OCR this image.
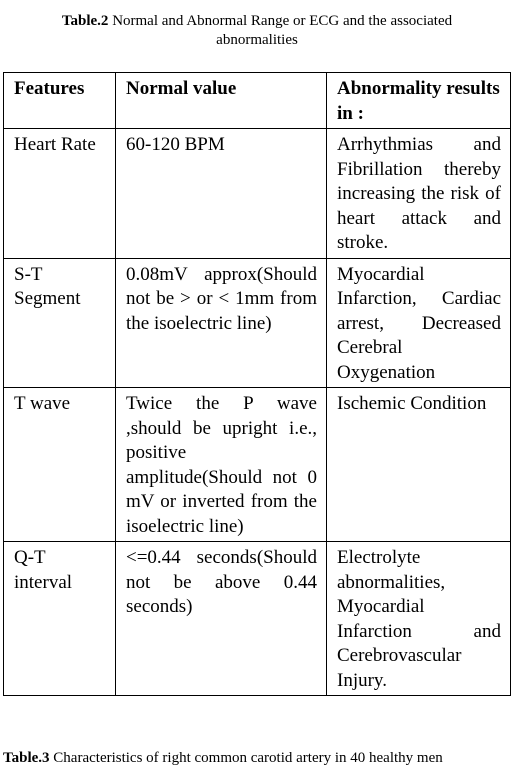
Table.2 Normal and Abnormal Range or ECG and the associated
abnormalities
Features	Normal value	Abnormality results in :
Heart Rate	60-120 BPM	Arrhythmias and Fibrillation thereby increasing the risk of heart attack and stroke.
S-T Segment	0.08mV approx(Should not be > or < 1mm from the isoelectric line)	Myocardial Infarction, Cardiac arrest, Decreased Cerebral Oxygenation
T wave	Twice the P wave ,should be upright i.e., positive amplitude(Should not 0 mV or inverted from the isoelectric line)	Ischemic Condition
Q-T interval	<=0.44 seconds(Should not be above 0.44 seconds)	Electrolyte abnormalities, Myocardial Infarction and Cerebrovascular Injury.
Table.3 Characteristics of right common carotid artery in 40 healthy men
